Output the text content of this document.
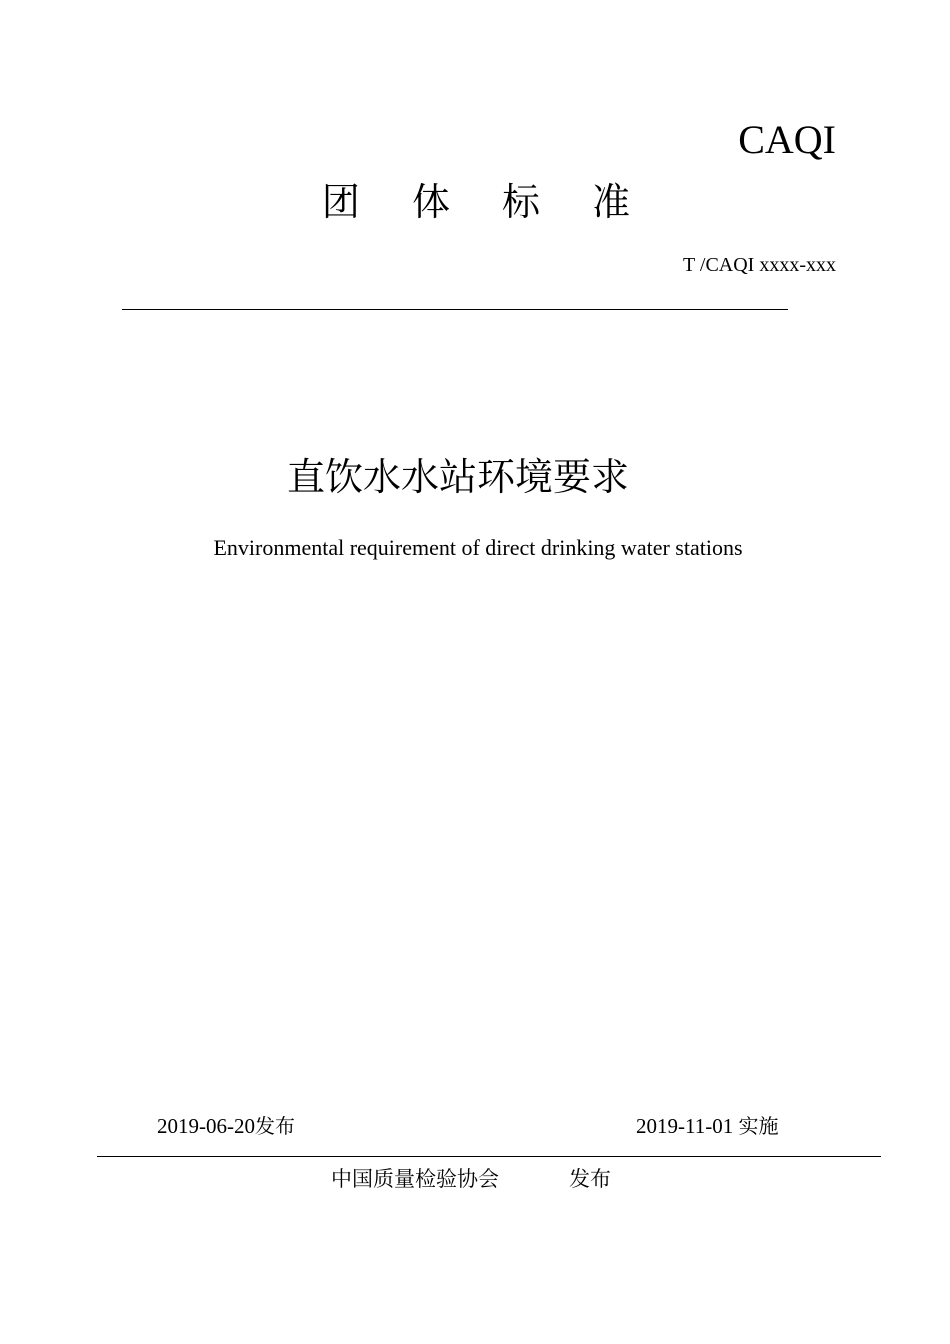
CAQI
团 体 标 准
T /CAQI xxxx-xxx
直饮水水站环境要求
Environmental requirement of direct drinking water stations
2019-06-20发布	2019-11-01 实施
中国质量检验协会	发布
